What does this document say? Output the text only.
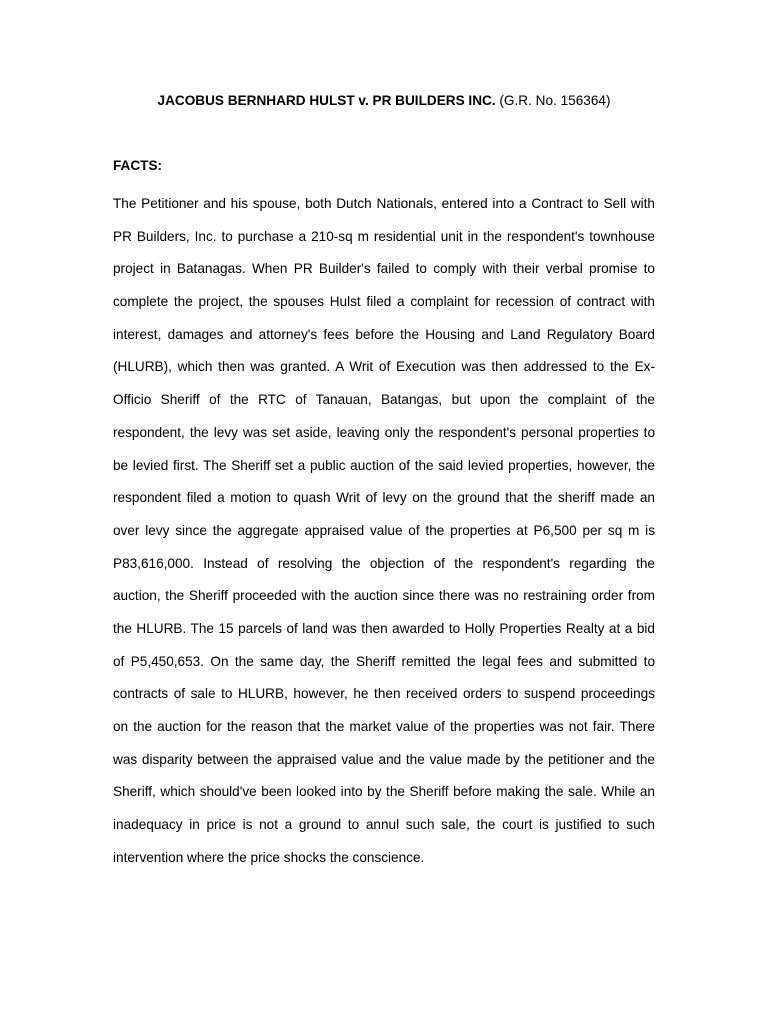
JACOBUS BERNHARD HULST v. PR BUILDERS INC. (G.R. No. 156364)
FACTS:
The Petitioner and his spouse, both Dutch Nationals, entered into a Contract to Sell with
PR Builders, Inc. to purchase a 210-sq m residential unit in the respondent's townhouse
project in Batanagas. When PR Builder's failed to comply with their verbal promise to
complete the project, the spouses Hulst filed a complaint for recession of contract with
interest, damages and attorney's fees before the Housing and Land Regulatory Board
(HLURB), which then was granted. A Writ of Execution was then addressed to the Ex-
Officio Sheriff of the RTC of Tanauan, Batangas, but upon the complaint of the
respondent, the levy was set aside, leaving only the respondent's personal properties to
be levied first. The Sheriff set a public auction of the said levied properties, however, the
respondent filed a motion to quash Writ of levy on the ground that the sheriff made an
over levy since the aggregate appraised value of the properties at P6,500 per sq m is
P83,616,000. Instead of resolving the objection of the respondent's regarding the
auction, the Sheriff proceeded with the auction since there was no restraining order from
the HLURB. The 15 parcels of land was then awarded to Holly Properties Realty at a bid
of P5,450,653. On the same day, the Sheriff remitted the legal fees and submitted to
contracts of sale to HLURB, however, he then received orders to suspend proceedings
on the auction for the reason that the market value of the properties was not fair. There
was disparity between the appraised value and the value made by the petitioner and the
Sheriff, which should've been looked into by the Sheriff before making the sale. While an
inadequacy in price is not a ground to annul such sale, the court is justified to such
intervention where the price shocks the conscience.
